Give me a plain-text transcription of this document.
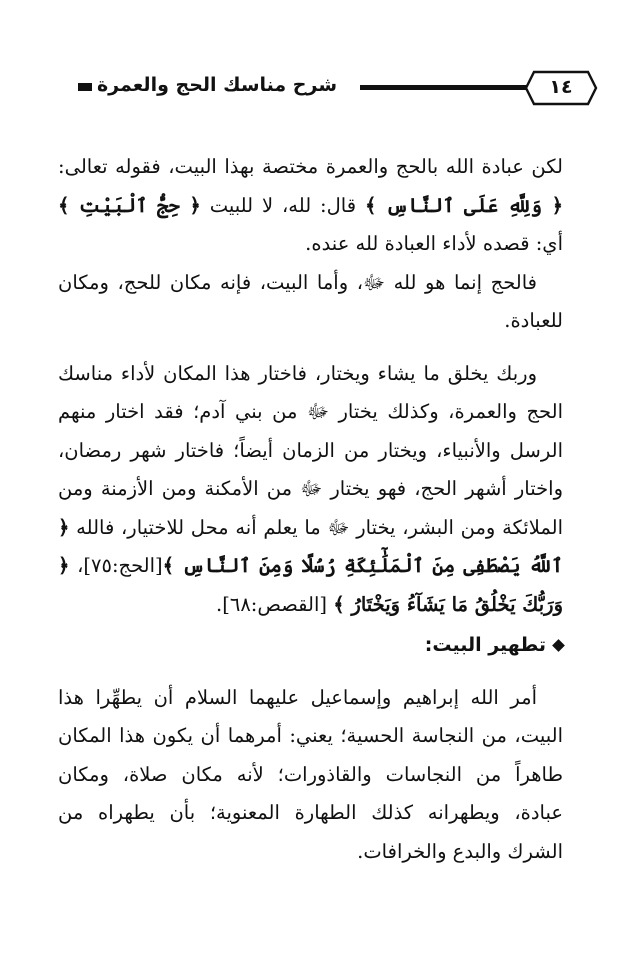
شرح مناسك الحج والعمرة	١٤

لكن عبادة الله بالحج والعمرة مختصة بهذا البيت، فقوله تعالى: ﴿ وَلِلَّهِ عَلَى ٱلنَّاسِ ﴾ قال: لله، لا للبيت ﴿ حِجُّ ٱلْبَيْتِ ﴾ أي: قصده لأداء العبادة لله عنده.

فالحج إنما هو لله ﷻ، وأما البيت، فإنه مكان للحج، ومكان للعبادة.

وربك يخلق ما يشاء ويختار، فاختار هذا المكان لأداء مناسك الحج والعمرة، وكذلك يختار ﷻ من بني آدم؛ فقد اختار منهم الرسل والأنبياء، ويختار من الزمان أيضاً؛ فاختار شهر رمضان، واختار أشهر الحج، فهو يختار ﷻ من الأمكنة ومن الأزمنة ومن الملائكة ومن البشر، يختار ﷻ ما يعلم أنه محل للاختيار، فالله ﴿ ٱللَّهُ يَصْطَفِى مِنَ ٱلْمَلَٰٓئِكَةِ رُسُلًا وَمِنَ ٱلنَّاسِ ﴾[الحج:٧٥]، ﴿ وَرَبُّكَ يَخْلُقُ مَا يَشَآءُ وَيَخْتَارُ ﴾ [القصص:٦٨].

تطهير البيت:

أمر الله إبراهيم وإسماعيل عليهما السلام أن يطهِّرا هذا البيت، من النجاسة الحسية؛ يعني: أمرهما أن يكون هذا المكان طاهراً من النجاسات والقاذورات؛ لأنه مكان صلاة، ومكان عبادة، ويطهرانه كذلك الطهارة المعنوية؛ بأن يطهراه من الشرك والبدع والخرافات.
